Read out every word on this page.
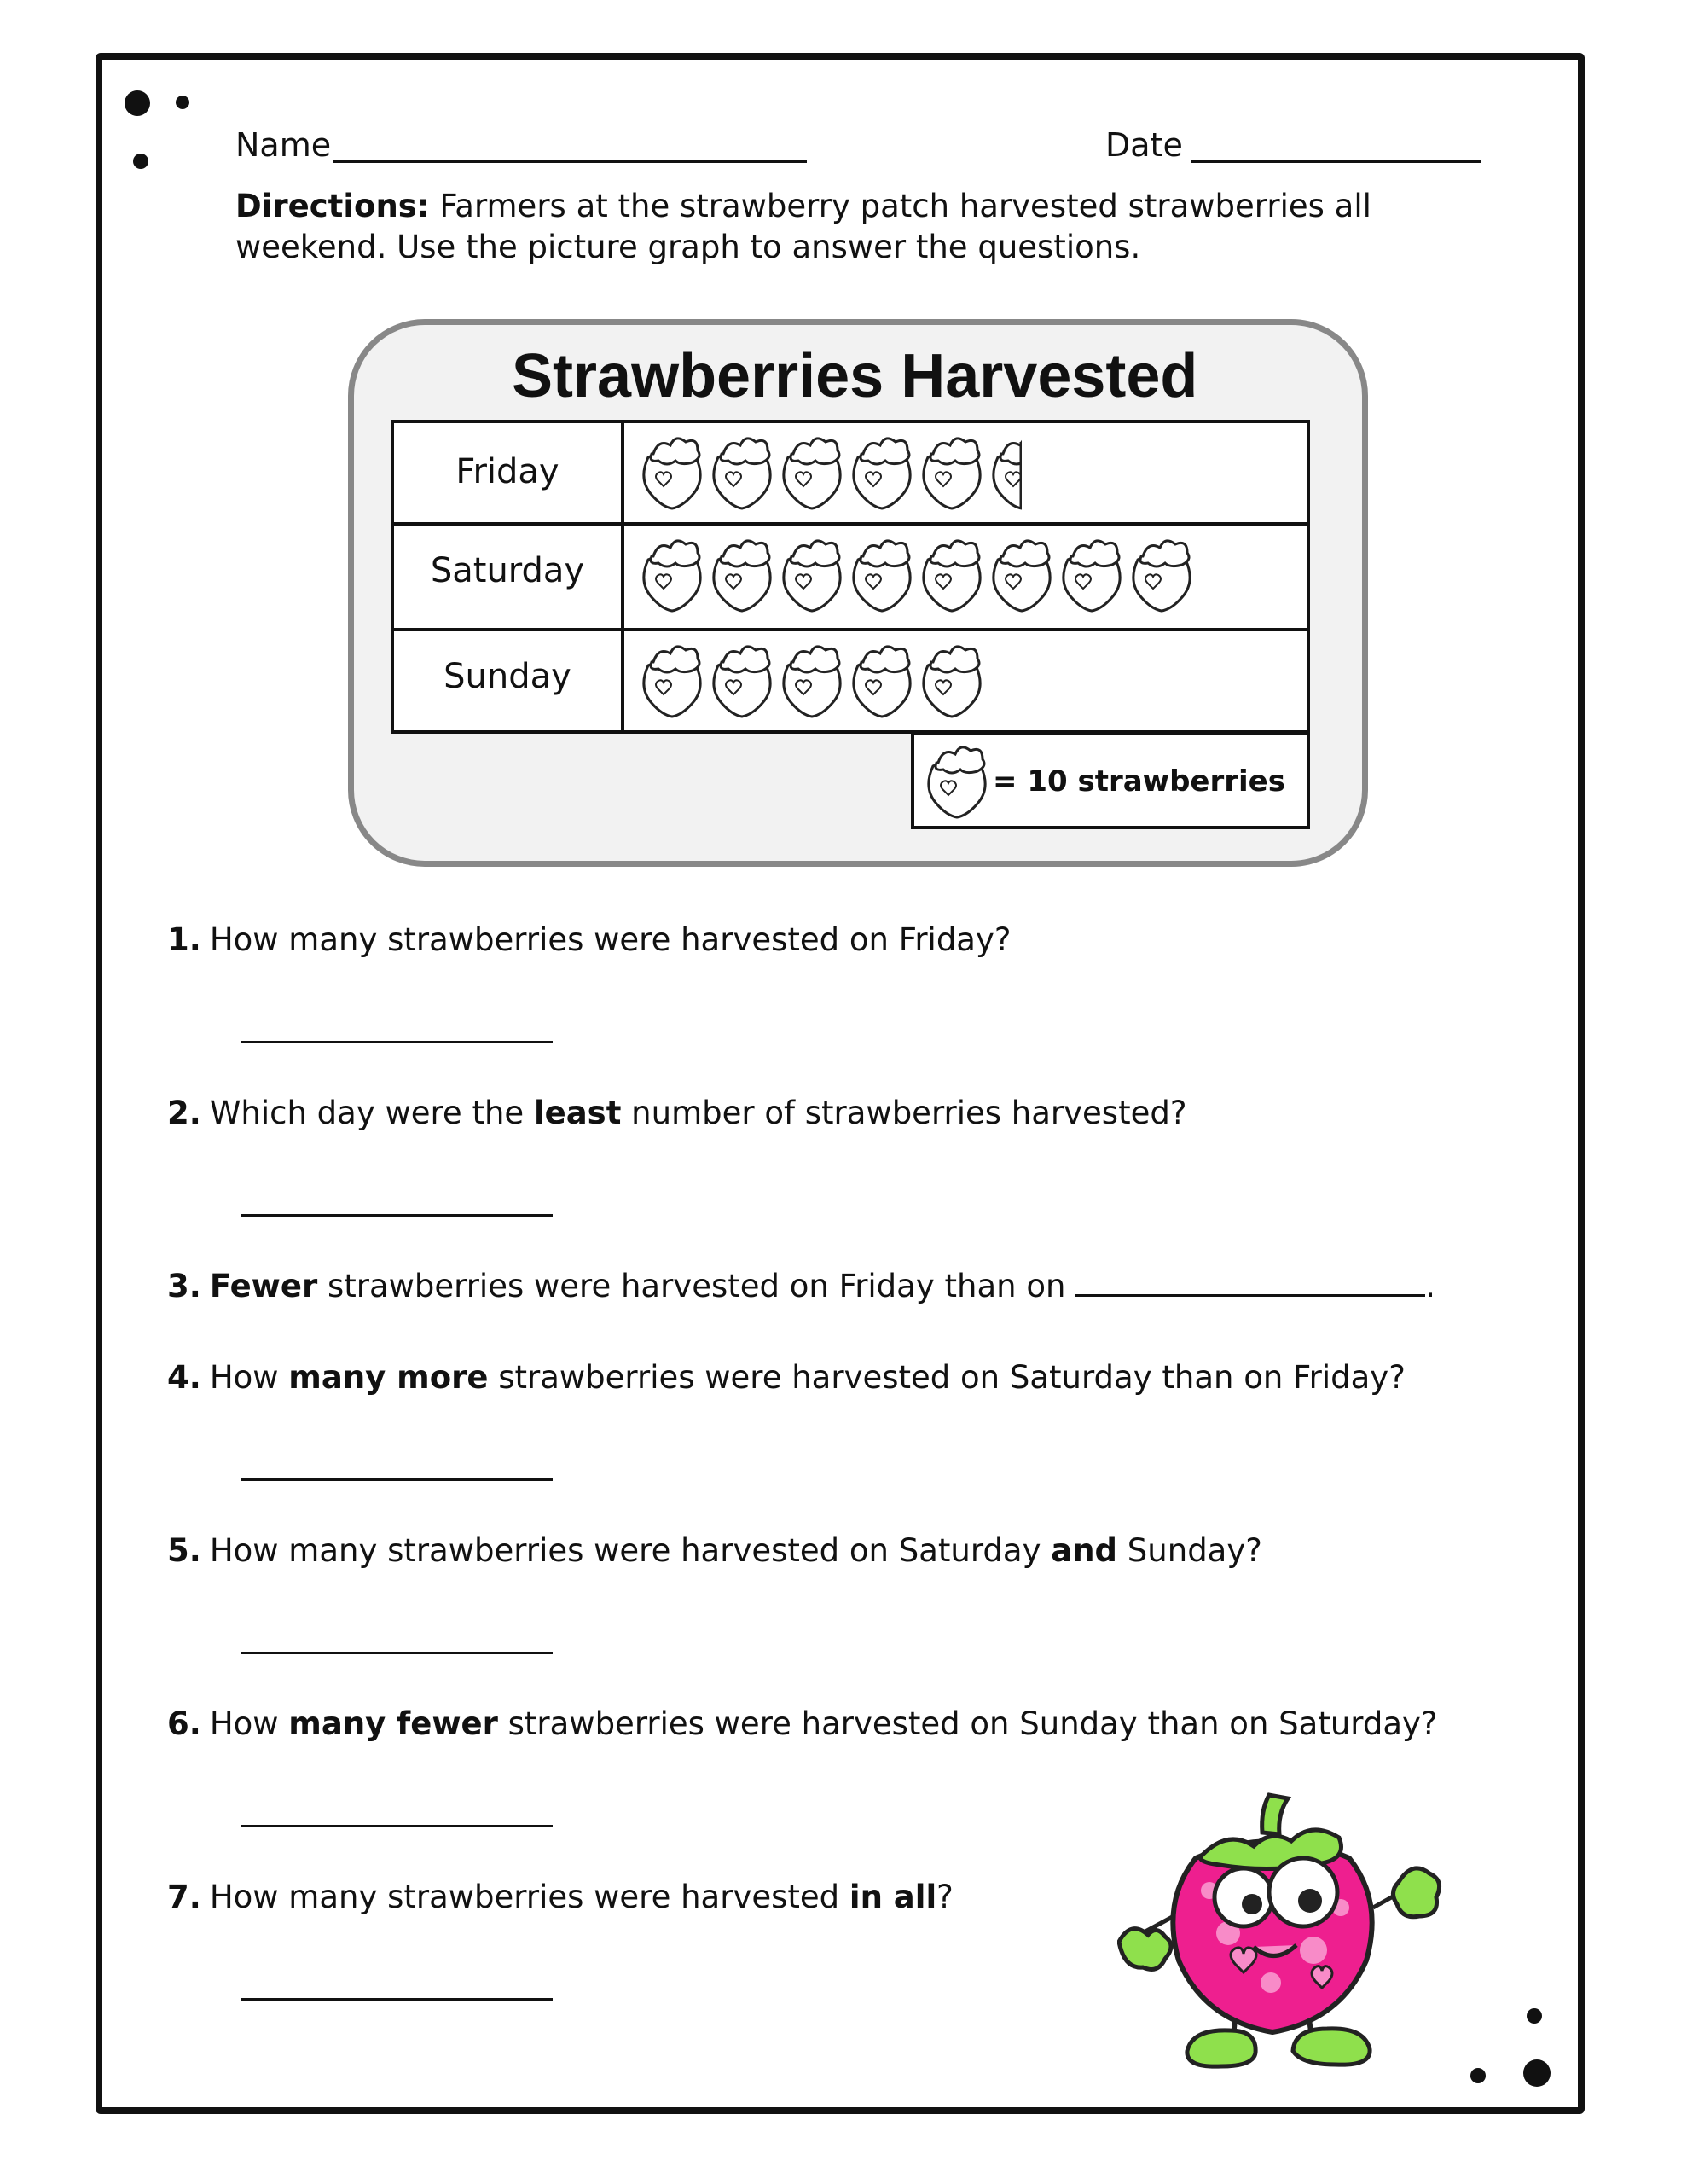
Name	Date
Directions: Farmers at the strawberry patch harvested strawberries all weekend. Use the picture graph to answer the questions.
Strawberries Harvested
Friday
Saturday
Sunday
= 10 strawberries
1. How many strawberries were harvested on Friday?
2. Which day were the least number of strawberries harvested?
3. Fewer strawberries were harvested on Friday than on	.
4. How many more strawberries were harvested on Saturday than on Friday?
5. How many strawberries were harvested on Saturday and Sunday?
6. How many fewer strawberries were harvested on Sunday than on Saturday?
7. How many strawberries were harvested in all?
